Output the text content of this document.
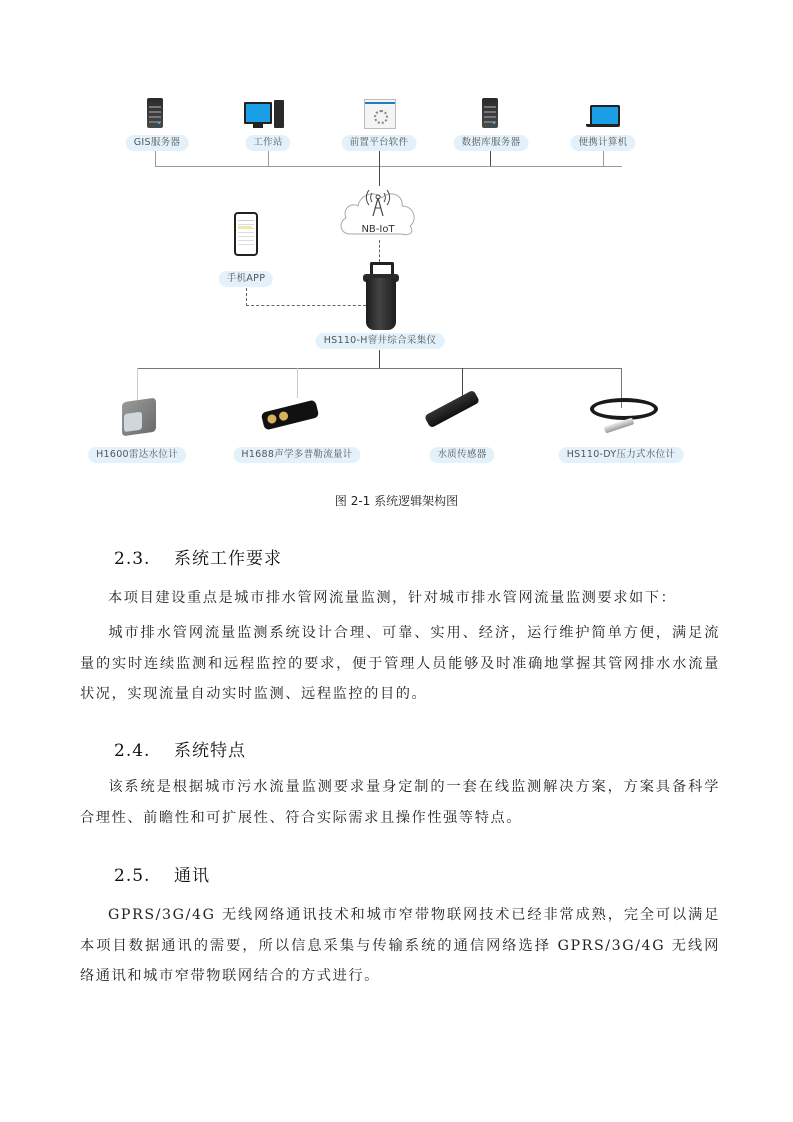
GIS服务器	工作站	前置平台软件	数据库服务器	便携计算机
NB-IoT
手机APP
HS110-H窨井综合采集仪
H1600雷达水位计	H1688声学多普勒流量计	水质传感器	HS110-DY压力式水位计
图 2-1 系统逻辑架构图
2.3. 系统工作要求
本项目建设重点是城市排水管网流量监测，针对城市排水管网流量监测要求如下：
城市排水管网流量监测系统设计合理、可靠、实用、经济，运行维护简单方便，满足流量的实时连续监测和远程监控的要求，便于管理人员能够及时准确地掌握其管网排水水流量状况，实现流量自动实时监测、远程监控的目的。
2.4. 系统特点
该系统是根据城市污水流量监测要求量身定制的一套在线监测解决方案，方案具备科学合理性、前瞻性和可扩展性、符合实际需求且操作性强等特点。
2.5. 通讯
GPRS/3G/4G 无线网络通讯技术和城市窄带物联网技术已经非常成熟，完全可以满足本项目数据通讯的需要，所以信息采集与传输系统的通信网络选择 GPRS/3G/4G 无线网络通讯和城市窄带物联网结合的方式进行。
